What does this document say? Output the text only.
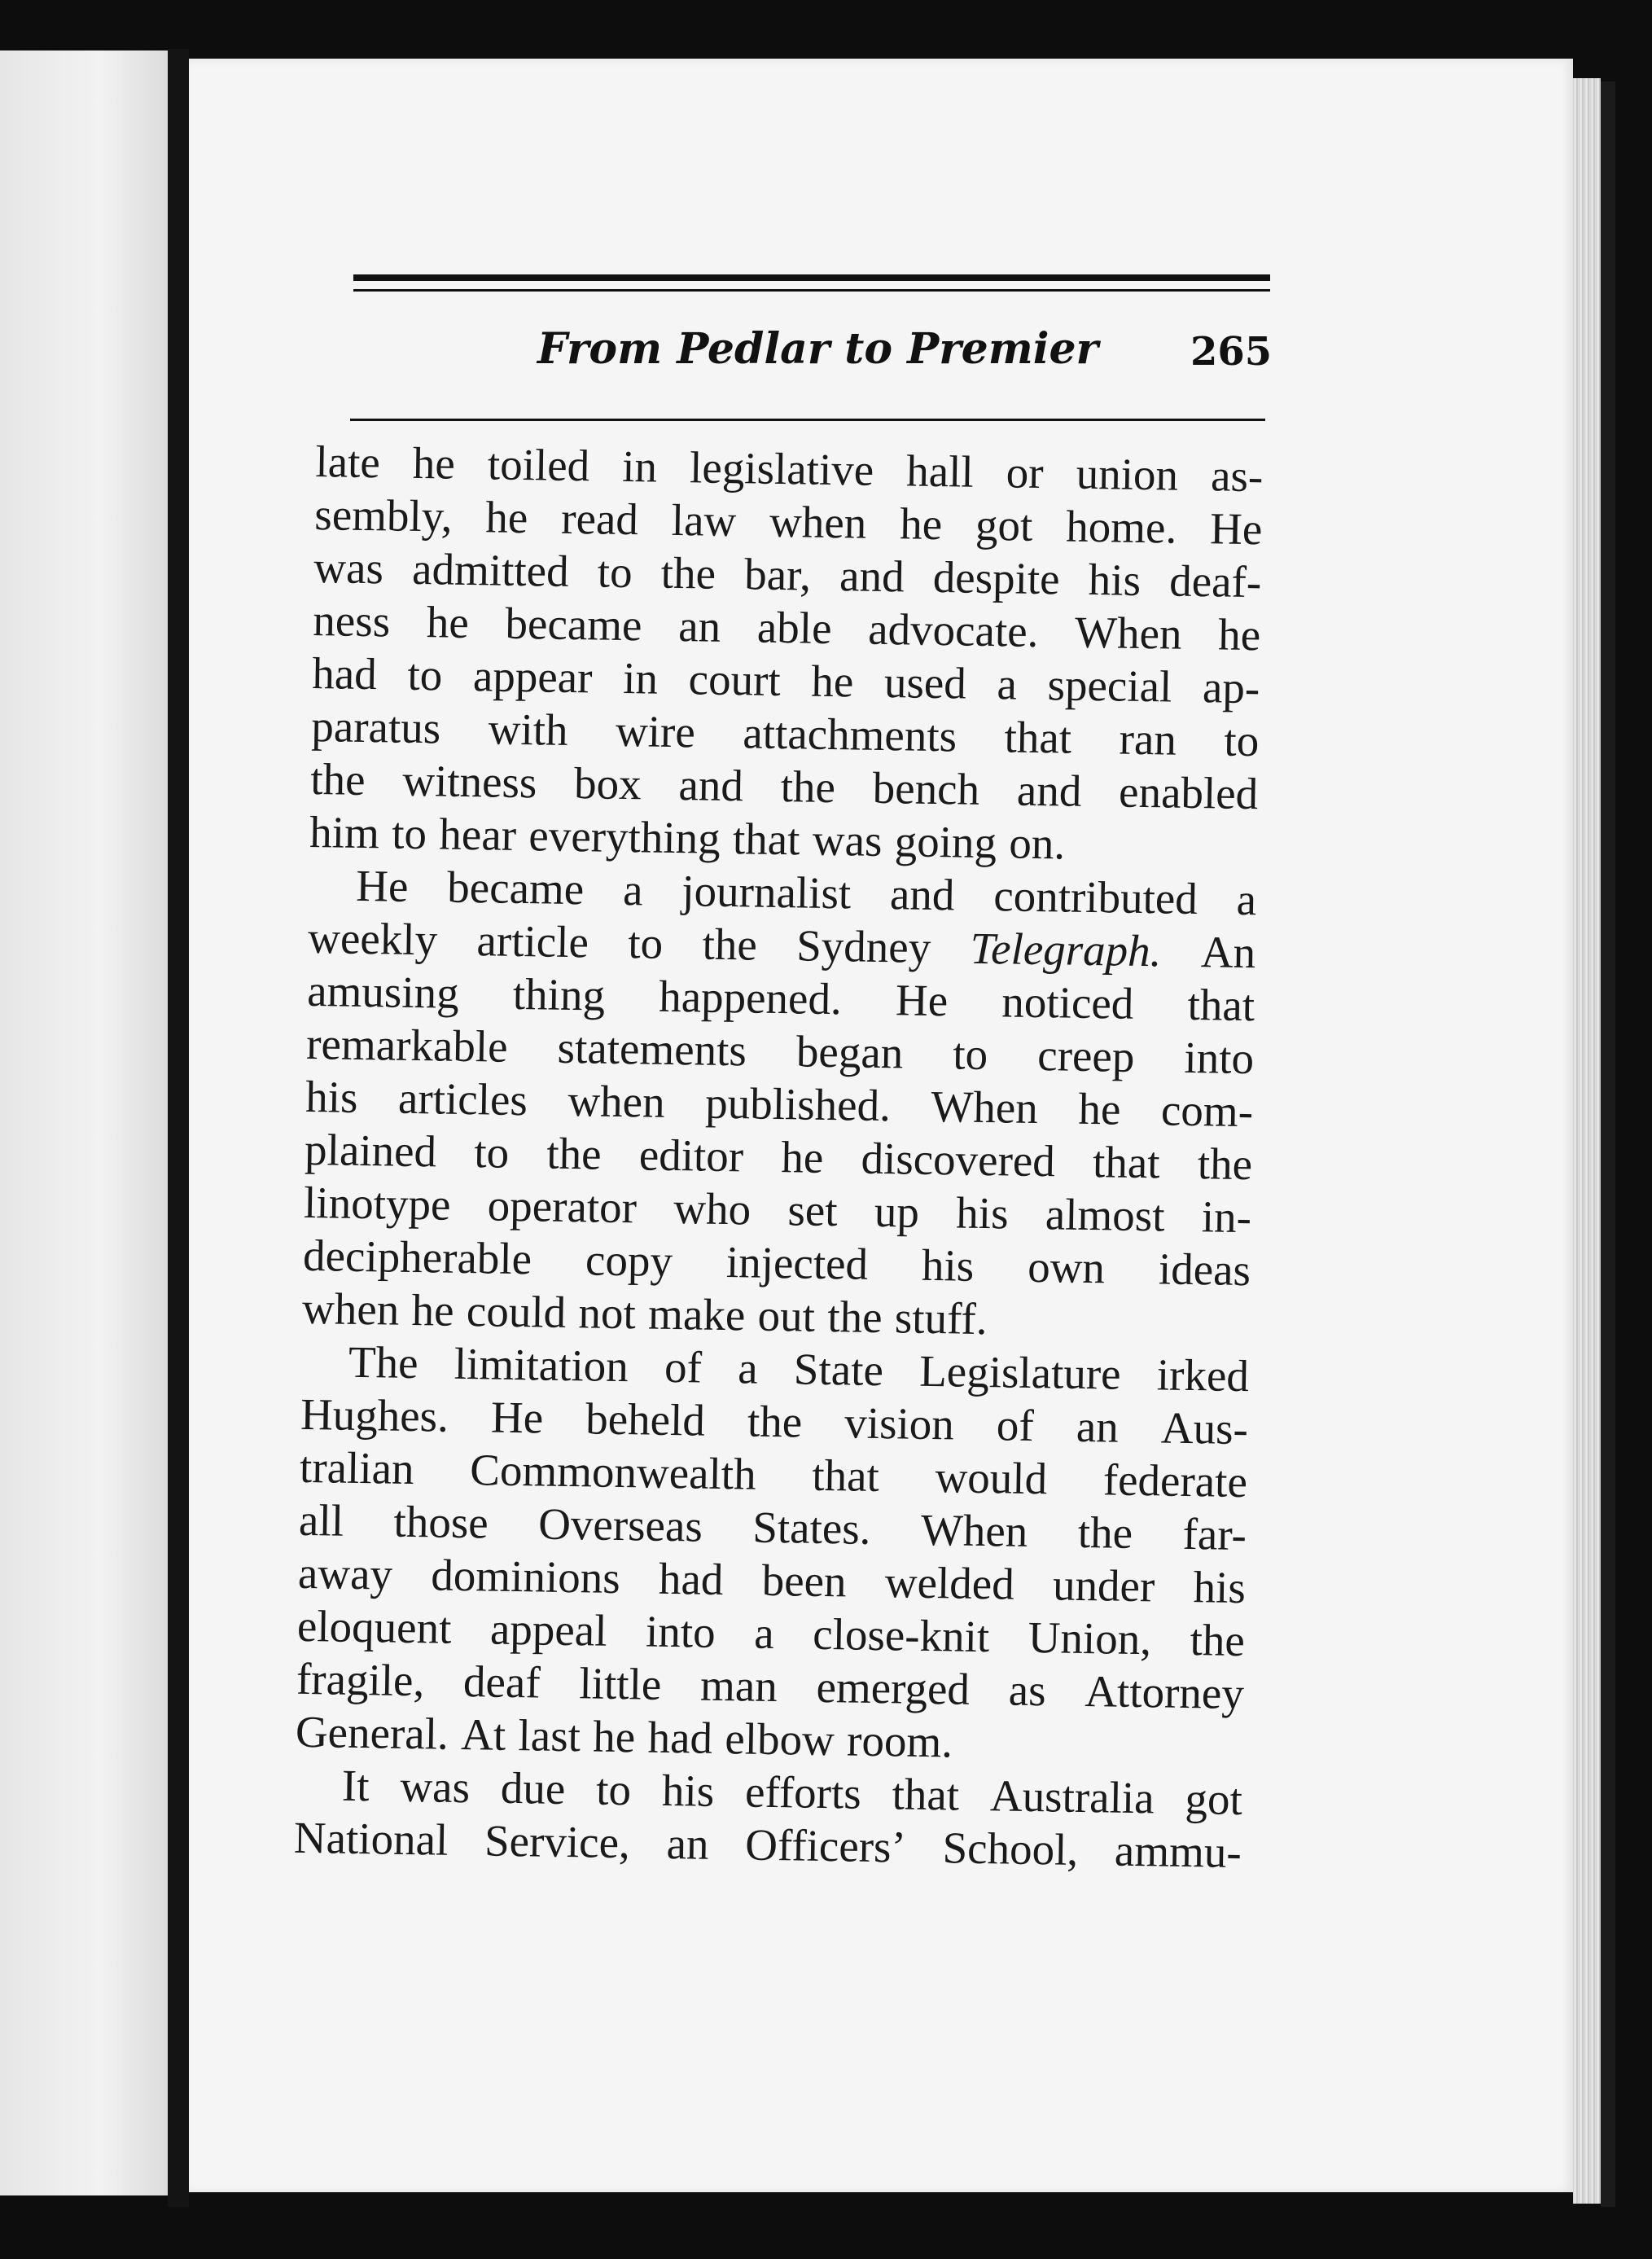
From Pedlar to Premier 265
late he toiled in legislative hall or union as-
sembly, he read law when he got home. He
was admitted to the bar, and despite his deaf-
ness he became an able advocate. When he
had to appear in court he used a special ap-
paratus with wire attachments that ran to
the witness box and the bench and enabled
him to hear everything that was going on.
He became a journalist and contributed a
weekly article to the Sydney Telegraph. An
amusing thing happened. He noticed that
remarkable statements began to creep into
his articles when published. When he com-
plained to the editor he discovered that the
linotype operator who set up his almost in-
decipherable copy injected his own ideas
when he could not make out the stuff.
The limitation of a State Legislature irked
Hughes. He beheld the vision of an Aus-
tralian Commonwealth that would federate
all those Overseas States. When the far-
away dominions had been welded under his
eloquent appeal into a close-knit Union, the
fragile, deaf little man emerged as Attorney
General. At last he had elbow room.
It was due to his efforts that Australia got
National Service, an Officers’ School, ammu-
